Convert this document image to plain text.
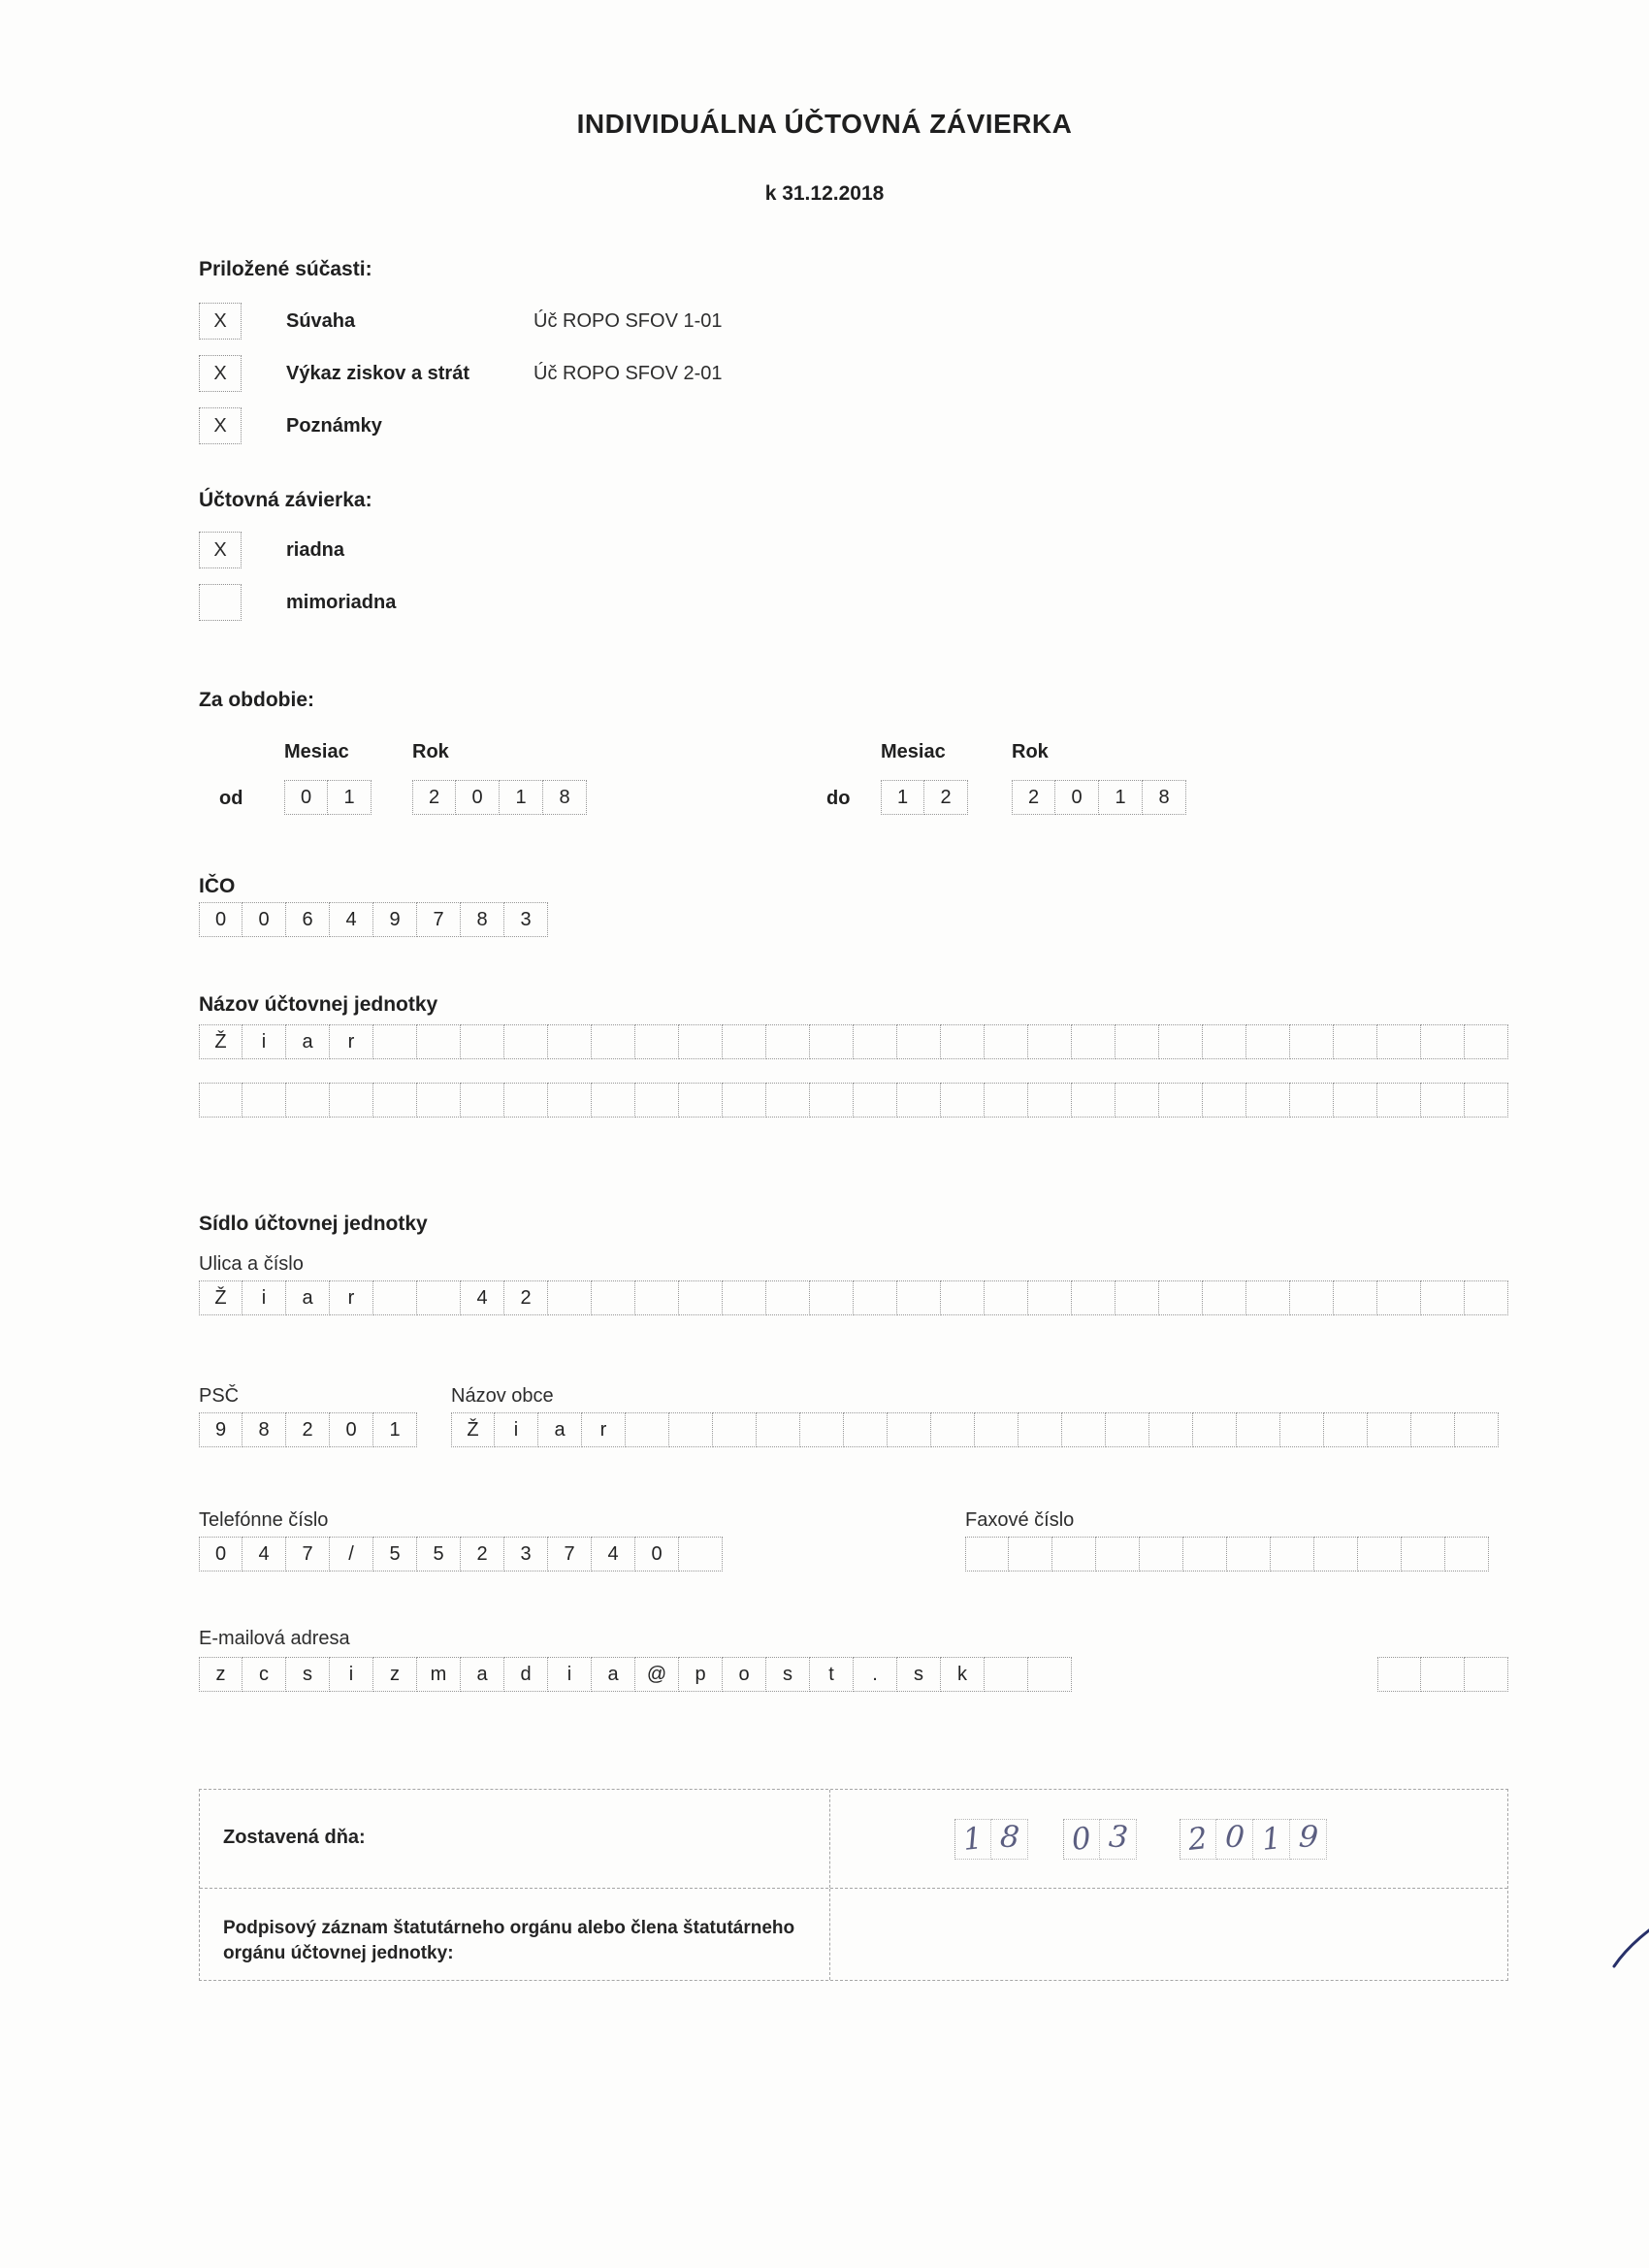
INDIVIDUÁLNA ÚČTOVNÁ ZÁVIERKA
k 31.12.2018
Priložené súčasti:
X	Súvaha	Úč ROPO SFOV 1-01
X	Výkaz ziskov a strát	Úč ROPO SFOV 2-01
X	Poznámky
Účtovná závierka:
X	riadna
mimoriadna
Za obdobie:
Mesiac	Rok	Mesiac	Rok
od	0 1	2 0 1 8	do 1 2	2 0 1 8
IČO
0 0 6 4 9 7 8 3
Názov účtovnej jednotky
Ž i a r
Sídlo účtovnej jednotky
Ulica a číslo
Ž i a r	4 2
PSČ	Názov obce
9 8 2 0 1	Ž i a r
Telefónne číslo	Faxové číslo
0 4 7 / 5 5 2 3 7 4 0
E-mailová adresa
z c s i z m a d i a @ p o s t . s k
Zostavená dňa:	1 8 0 3 2 0 1 9
Podpisový záznam štatutárneho orgánu alebo člena štatutárneho orgánu účtovnej jednotky:
